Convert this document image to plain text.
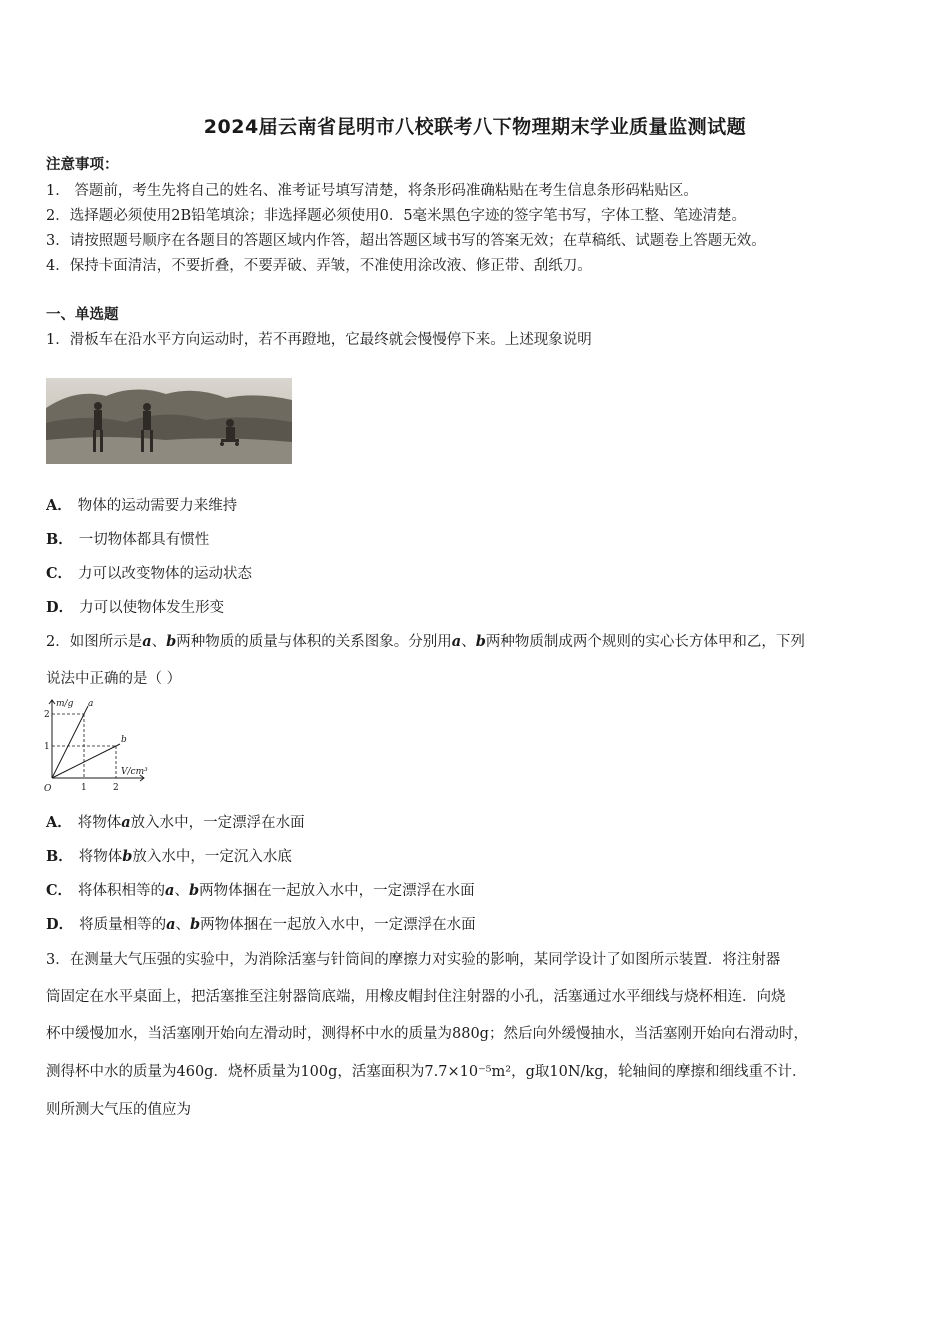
2024届云南省昆明市八校联考八下物理期末学业质量监测试题
注意事项：
1． 答题前，考生先将自己的姓名、准考证号填写清楚，将条形码准确粘贴在考生信息条形码粘贴区。
2．选择题必须使用2B铅笔填涂；非选择题必须使用0．5毫米黑色字迹的签字笔书写，字体工整、笔迹清楚。
3．请按照题号顺序在各题目的答题区域内作答，超出答题区域书写的答案无效；在草稿纸、试题卷上答题无效。
4．保持卡面清洁，不要折叠，不要弄破、弄皱，不准使用涂改液、修正带、刮纸刀。
一、单选题
1．滑板车在沿水平方向运动时，若不再蹬地，它最终就会慢慢停下来。上述现象说明
A． 物体的运动需要力来维持
B． 一切物体都具有惯性
C． 力可以改变物体的运动状态
D． 力可以使物体发生形变
2．如图所示是a、b两种物质的质量与体积的关系图象。分别用a、b两种物质制成两个规则的实心长方体甲和乙，下列
说法中正确的是（ ）
m/g
V/cm³
O
1
2
1	2
a
b
A． 将物体a放入水中，一定漂浮在水面
B． 将物体b放入水中，一定沉入水底
C． 将体积相等的a、b两物体捆在一起放入水中，一定漂浮在水面
D． 将质量相等的a、b两物体捆在一起放入水中，一定漂浮在水面
3．在测量大气压强的实验中，为消除活塞与针筒间的摩擦力对实验的影响，某同学设计了如图所示装置．将注射器
筒固定在水平桌面上，把活塞推至注射器筒底端，用橡皮帽封住注射器的小孔，活塞通过水平细线与烧杯相连．向烧
杯中缓慢加水，当活塞刚开始向左滑动时，测得杯中水的质量为880g；然后向外缓慢抽水，当活塞刚开始向右滑动时，
测得杯中水的质量为460g．烧杯质量为100g，活塞面积为7.7×10⁻⁵m²，g取10N/kg，轮轴间的摩擦和细线重不计．
则所测大气压的值应为
